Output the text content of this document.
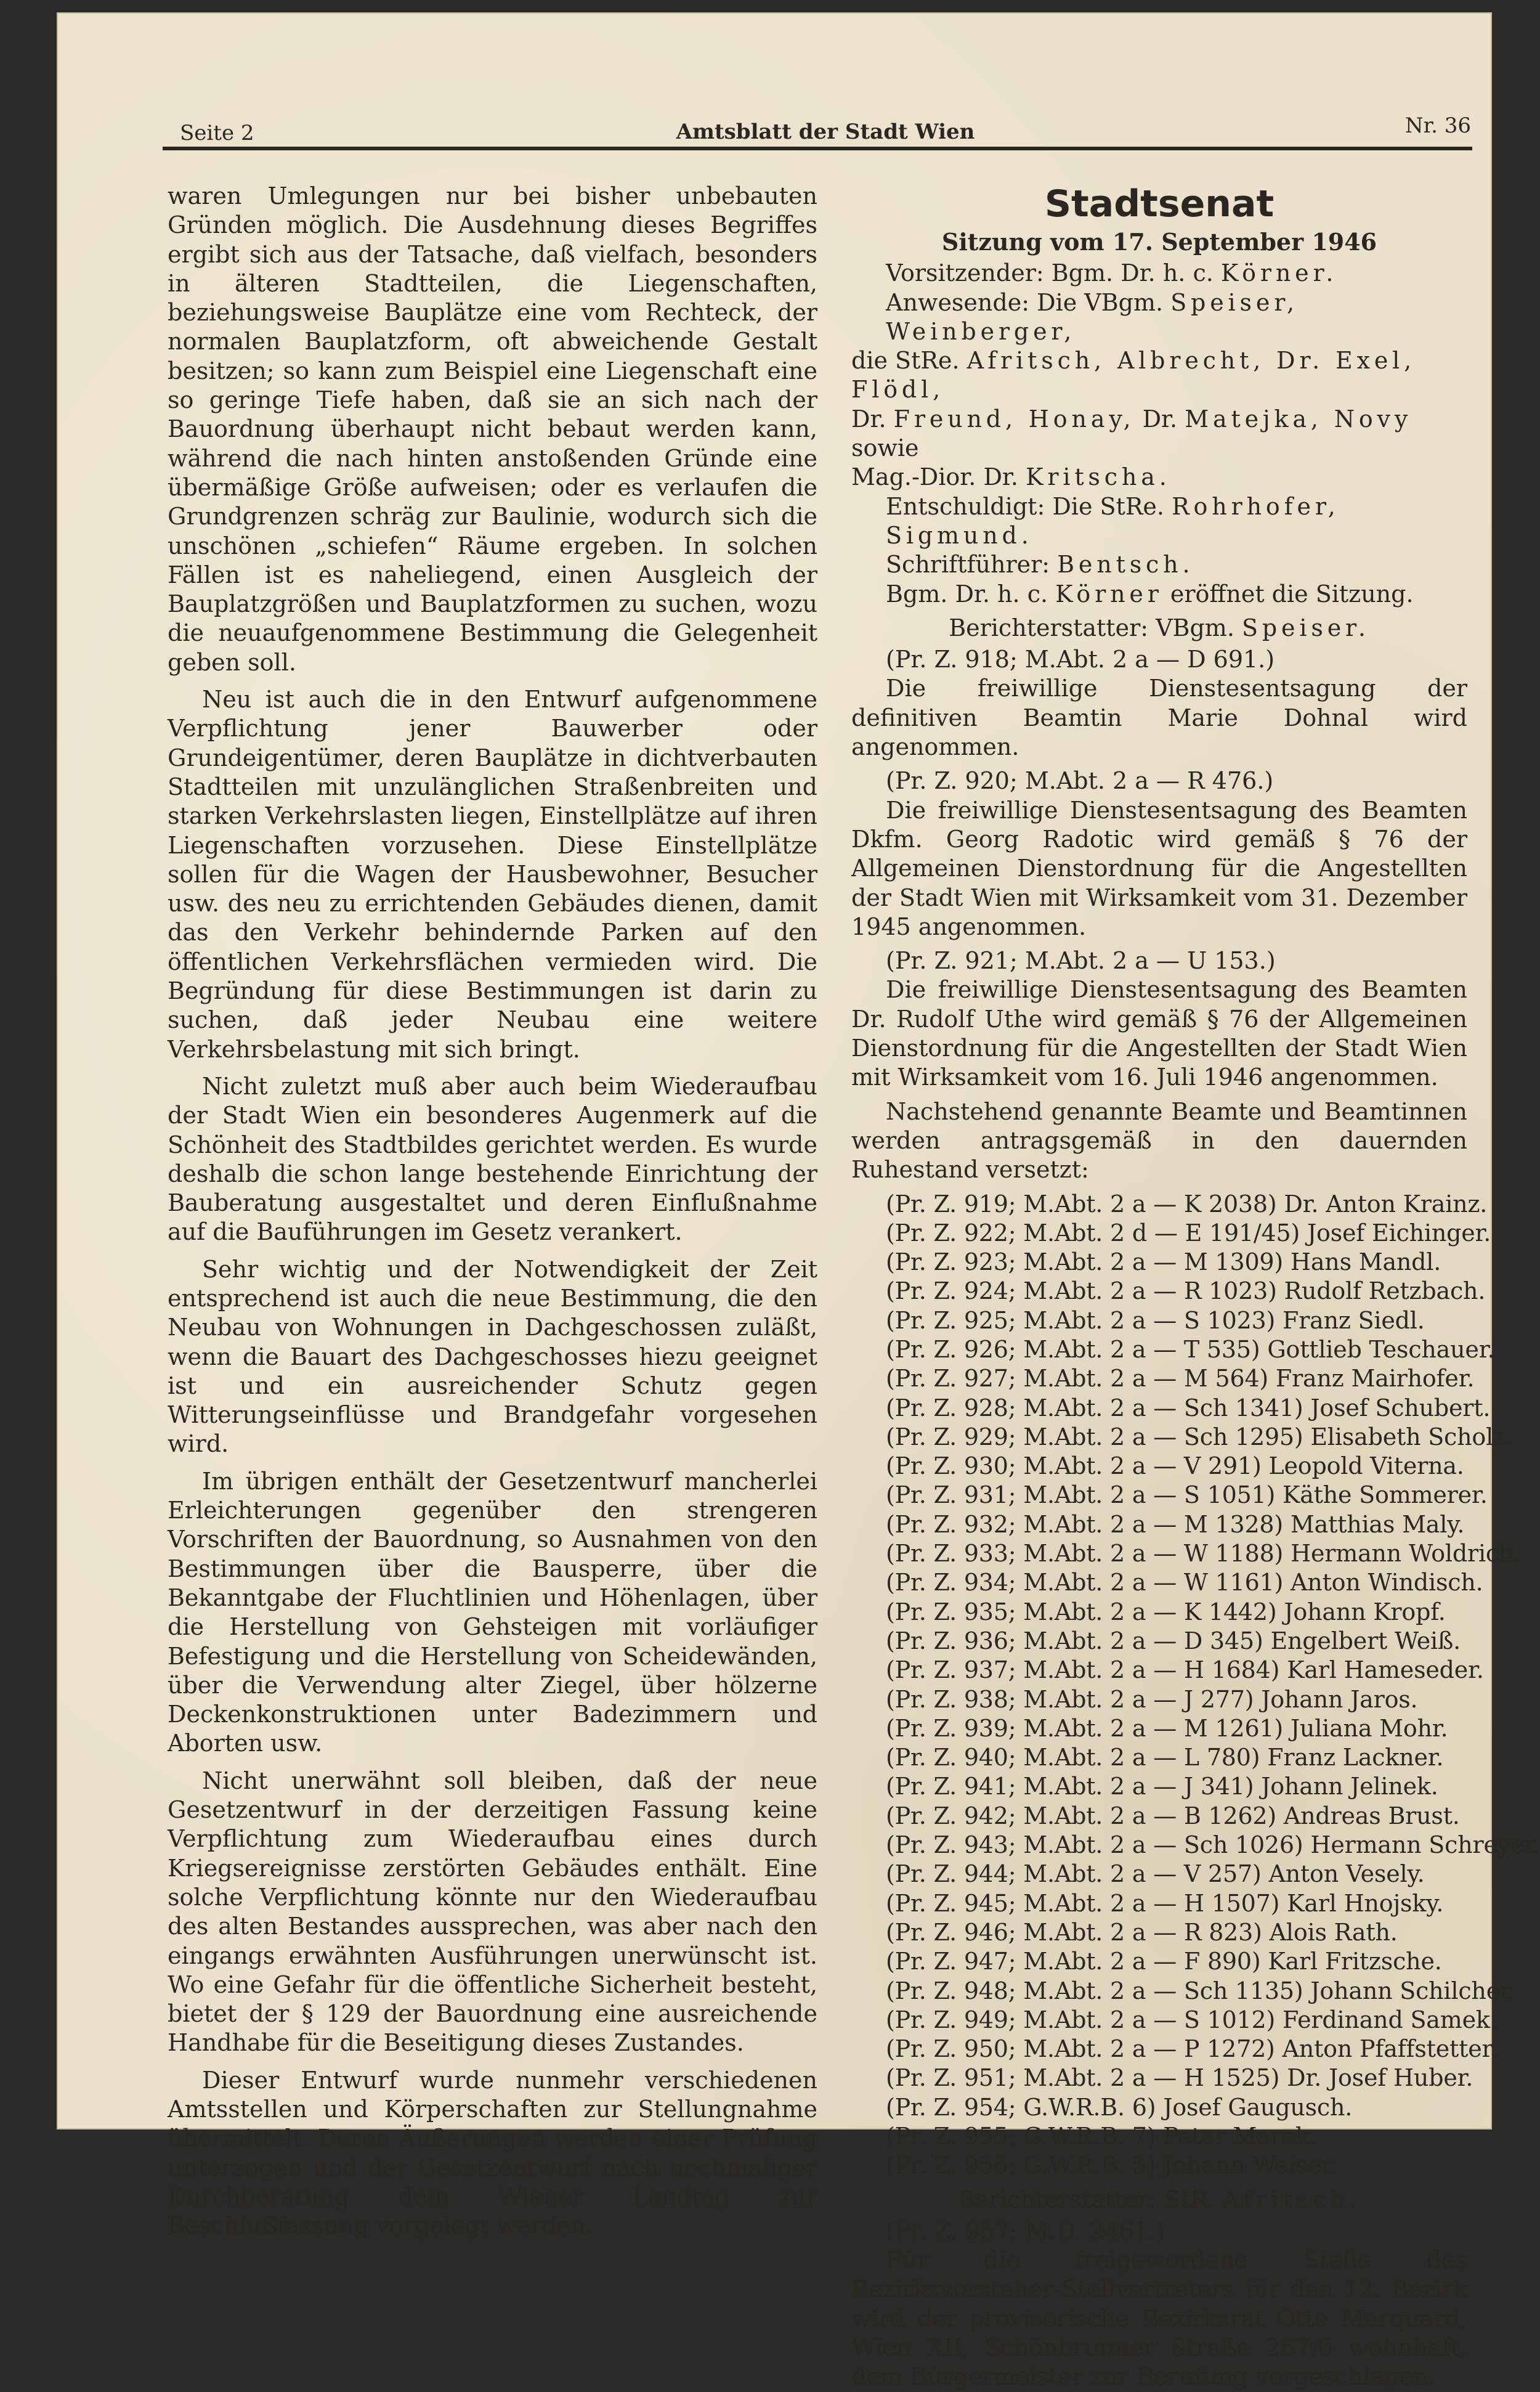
Seite 2	Amtsblatt der Stadt Wien	Nr. 36

waren Umlegungen nur bei bisher unbebauten Gründen möglich. Die Ausdehnung dieses Begriffes ergibt sich aus der Tatsache, daß vielfach, besonders in älteren Stadtteilen, die Liegenschaften, beziehungsweise Bauplätze eine vom Rechteck, der normalen Bauplatzform, oft abweichende Gestalt besitzen; so kann zum Beispiel eine Liegenschaft eine so geringe Tiefe haben, daß sie an sich nach der Bauordnung überhaupt nicht bebaut werden kann, während die nach hinten anstoßenden Gründe eine übermäßige Größe aufweisen; oder es verlaufen die Grundgrenzen schräg zur Baulinie, wodurch sich die unschönen „schiefen“ Räume ergeben. In solchen Fällen ist es naheliegend, einen Ausgleich der Bauplatzgrößen und Bauplatzformen zu suchen, wozu die neuaufgenommene Bestimmung die Gelegenheit geben soll.

Neu ist auch die in den Entwurf aufgenommene Verpflichtung jener Bauwerber oder Grundeigentümer, deren Bauplätze in dichtverbauten Stadtteilen mit unzulänglichen Straßenbreiten und starken Verkehrslasten liegen, Einstellplätze auf ihren Liegenschaften vorzusehen. Diese Einstellplätze sollen für die Wagen der Hausbewohner, Besucher usw. des neu zu errichtenden Gebäudes dienen, damit das den Verkehr behindernde Parken auf den öffentlichen Verkehrsflächen vermieden wird. Die Begründung für diese Bestimmungen ist darin zu suchen, daß jeder Neubau eine weitere Verkehrsbelastung mit sich bringt.

Nicht zuletzt muß aber auch beim Wiederaufbau der Stadt Wien ein besonderes Augenmerk auf die Schönheit des Stadtbildes gerichtet werden. Es wurde deshalb die schon lange bestehende Einrichtung der Bauberatung ausgestaltet und deren Einflußnahme auf die Bauführungen im Gesetz verankert.

Sehr wichtig und der Notwendigkeit der Zeit entsprechend ist auch die neue Bestimmung, die den Neubau von Wohnungen in Dachgeschossen zuläßt, wenn die Bauart des Dachgeschosses hiezu geeignet ist und ein ausreichender Schutz gegen Witterungseinflüsse und Brandgefahr vorgesehen wird.

Im übrigen enthält der Gesetzentwurf mancherlei Erleichterungen gegenüber den strengeren Vorschriften der Bauordnung, so Ausnahmen von den Bestimmungen über die Bausperre, über die Bekanntgabe der Fluchtlinien und Höhenlagen, über die Herstellung von Gehsteigen mit vorläufiger Befestigung und die Herstellung von Scheidewänden, über die Verwendung alter Ziegel, über hölzerne Deckenkonstruktionen unter Badezimmern und Aborten usw.

Nicht unerwähnt soll bleiben, daß der neue Gesetzentwurf in der derzeitigen Fassung keine Verpflichtung zum Wiederaufbau eines durch Kriegsereignisse zerstörten Gebäudes enthält. Eine solche Verpflichtung könnte nur den Wiederaufbau des alten Bestandes aussprechen, was aber nach den eingangs erwähnten Ausführungen unerwünscht ist. Wo eine Gefahr für die öffentliche Sicherheit besteht, bietet der § 129 der Bauordnung eine ausreichende Handhabe für die Beseitigung dieses Zustandes.

Dieser Entwurf wurde nunmehr verschiedenen Amtsstellen und Körperschaften zur Stellungnahme übermittelt. Deren Äußerungen werden einer Prüfung unterzogen und der Gesetzentwurf nach nochmaliger Durchberatung dem Wiener Landtag zur Beschlußfassung vorgelegt werden.

Stadtsenat
Sitzung vom 17. September 1946

Vorsitzender: Bgm. Dr. h. c. Körner.

Anwesende: Die VBgm. Speiser, Weinberger,

die StRe. Afritsch, Albrecht, Dr. Exel, Flödl,

Dr. Freund, Honay, Dr. Matejka, Novy sowie

Mag.-Dior. Dr. Kritscha.

Entschuldigt: Die StRe. Rohrhofer, Sigmund.

Schriftführer: Bentsch.

Bgm. Dr. h. c. Körner eröffnet die Sitzung.

Berichterstatter: VBgm. Speiser.

(Pr. Z. 918; M.Abt. 2 a — D 691.)

Die freiwillige Dienstesentsagung der definitiven Beamtin Marie Dohnal wird angenommen.

(Pr. Z. 920; M.Abt. 2 a — R 476.)

Die freiwillige Dienstesentsagung des Beamten Dkfm. Georg Radotic wird gemäß § 76 der Allgemeinen Dienstordnung für die Angestellten der Stadt Wien mit Wirksamkeit vom 31. Dezember 1945 angenommen.

(Pr. Z. 921; M.Abt. 2 a — U 153.)

Die freiwillige Dienstesentsagung des Beamten Dr. Rudolf Uthe wird gemäß § 76 der Allgemeinen Dienstordnung für die Angestellten der Stadt Wien mit Wirksamkeit vom 16. Juli 1946 angenommen.

Nachstehend genannte Beamte und Beamtinnen werden antragsgemäß in den dauernden Ruhestand versetzt:

(Pr. Z. 919; M.Abt. 2 a — K 2038) Dr. Anton Krainz.
(Pr. Z. 922; M.Abt. 2 d — E 191/45) Josef Eichinger.
(Pr. Z. 923; M.Abt. 2 a — M 1309) Hans Mandl.
(Pr. Z. 924; M.Abt. 2 a — R 1023) Rudolf Retzbach.
(Pr. Z. 925; M.Abt. 2 a — S 1023) Franz Siedl.
(Pr. Z. 926; M.Abt. 2 a — T 535) Gottlieb Teschauer.
(Pr. Z. 927; M.Abt. 2 a — M 564) Franz Mairhofer.
(Pr. Z. 928; M.Abt. 2 a — Sch 1341) Josef Schubert.
(Pr. Z. 929; M.Abt. 2 a — Sch 1295) Elisabeth Scholz.
(Pr. Z. 930; M.Abt. 2 a — V 291) Leopold Viterna.
(Pr. Z. 931; M.Abt. 2 a — S 1051) Käthe Sommerer.
(Pr. Z. 932; M.Abt. 2 a — M 1328) Matthias Maly.
(Pr. Z. 933; M.Abt. 2 a — W 1188) Hermann Woldrich.
(Pr. Z. 934; M.Abt. 2 a — W 1161) Anton Windisch.
(Pr. Z. 935; M.Abt. 2 a — K 1442) Johann Kropf.
(Pr. Z. 936; M.Abt. 2 a — D 345) Engelbert Weiß.
(Pr. Z. 937; M.Abt. 2 a — H 1684) Karl Hameseder.
(Pr. Z. 938; M.Abt. 2 a — J 277) Johann Jaros.
(Pr. Z. 939; M.Abt. 2 a — M 1261) Juliana Mohr.
(Pr. Z. 940; M.Abt. 2 a — L 780) Franz Lackner.
(Pr. Z. 941; M.Abt. 2 a — J 341) Johann Jelinek.
(Pr. Z. 942; M.Abt. 2 a — B 1262) Andreas Brust.
(Pr. Z. 943; M.Abt. 2 a — Sch 1026) Hermann Schreyer.
(Pr. Z. 944; M.Abt. 2 a — V 257) Anton Vesely.
(Pr. Z. 945; M.Abt. 2 a — H 1507) Karl Hnojsky.
(Pr. Z. 946; M.Abt. 2 a — R 823) Alois Rath.
(Pr. Z. 947; M.Abt. 2 a — F 890) Karl Fritzsche.
(Pr. Z. 948; M.Abt. 2 a — Sch 1135) Johann Schilcher.
(Pr. Z. 949; M.Abt. 2 a — S 1012) Ferdinand Samek.
(Pr. Z. 950; M.Abt. 2 a — P 1272) Anton Pfaffstetter.
(Pr. Z. 951; M.Abt. 2 a — H 1525) Dr. Josef Huber.
(Pr. Z. 954; G.W.R.B. 6) Josef Gaugusch.
(Pr. Z. 955; G.W.R.B. 7) Peter Marek.
(Pr. Z. 956; G.W.R.B. 5) Johann Weiser.

Berichterstatter: StR. Afritsch.

(Pr. Z. 957; M.D. 2461.)

Für die freigewordene Stelle des Bezirksvorsteher-Stellvertreters für den 12. Bezirk wird der provisorische Bezirksrat Otto Marquard, Wien XII, Schönbrunner Straße 267/6 wohnhaft, dem Bürgermeister zur Berufung vorgeschlagen.
